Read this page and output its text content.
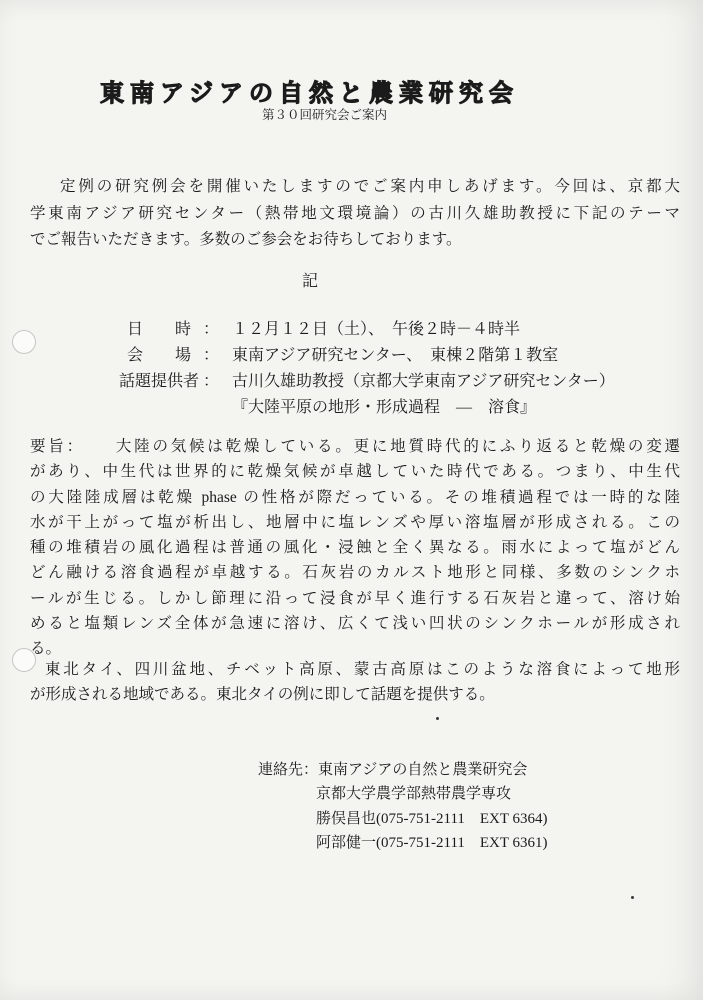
東南アジアの自然と農業研究会
第３０回研究会ご案内
定例の研究例会を開催いたしますのでご案内申しあげます。今回は、京都大
学東南アジア研究センター（熱帯地文環境論）の古川久雄助教授に下記のテーマ
でご報告いただきます。多数のご参会をお待ちしております。
記
日　　時 ： １２月１２日（土）、　午後２時－４時半
会　　場 ： 東南アジア研究センター、　東棟２階第１教室
話題提供者 ： 古川久雄助教授（京都大学東南アジア研究センター）
『大陸平原の地形・形成過程　―　溶食』
要旨： 大陸の気候は乾燥している。更に地質時代的にふり返ると乾燥の変遷
があり、中生代は世界的に乾燥気候が卓越していた時代である。つまり、中生代
の大陸陸成層は乾燥 phase の性格が際だっている。その堆積過程では一時的な陸
水が干上がって塩が析出し、地層中に塩レンズや厚い溶塩層が形成される。この
種の堆積岩の風化過程は普通の風化・浸蝕と全く異なる。雨水によって塩がどん
どん融ける溶食過程が卓越する。石灰岩のカルスト地形と同様、多数のシンクホ
ールが生じる。しかし節理に沿って浸食が早く進行する石灰岩と違って、溶け始
めると塩類レンズ全体が急速に溶け、広くて浅い凹状のシンクホールが形成され
る。
東北タイ、四川盆地、チベット高原、蒙古高原はこのような溶食によって地形
が形成される地域である。東北タイの例に即して話題を提供する。
連絡先：東南アジアの自然と農業研究会
京都大学農学部熱帯農学専攻
勝俣昌也(075-751-2111　EXT 6364)
阿部健一(075-751-2111　EXT 6361)
